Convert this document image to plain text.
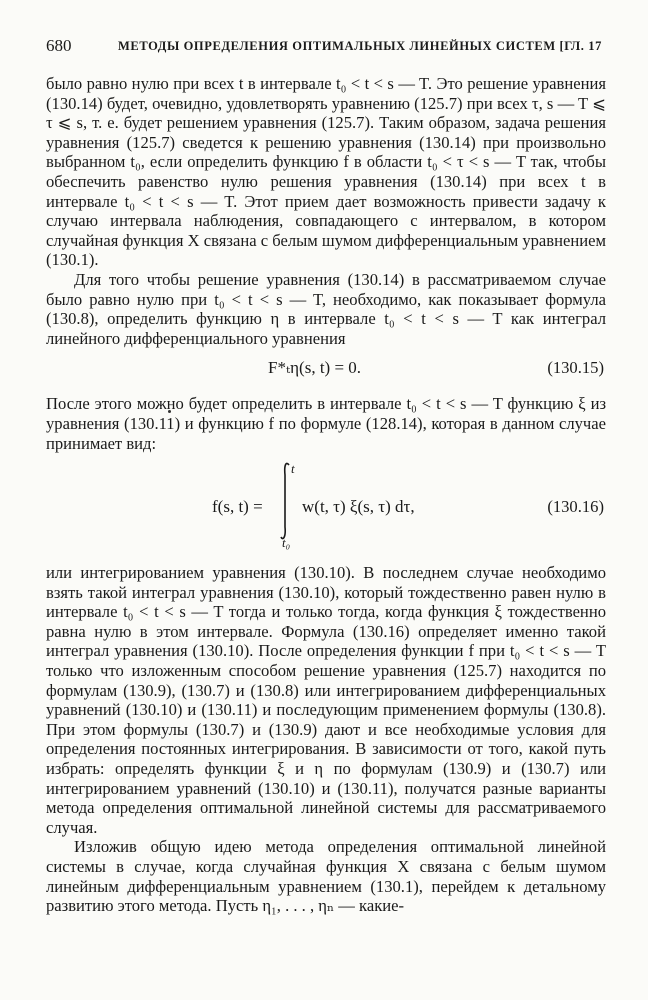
680	МЕТОДЫ ОПРЕДЕЛЕНИЯ ОПТИМАЛЬНЫХ ЛИНЕЙНЫХ СИСТЕМ [ГЛ. 17

было равно нулю при всех t в интервале t₀ < t < s — T. Это решение уравнения (130.14) будет, очевидно, удовлетворять уравнению (125.7) при всех τ, s — T ⩽ τ ⩽ s, т. е. будет решением уравнения (125.7). Таким образом, задача решения уравнения (125.7) сведется к решению уравнения (130.14) при произвольно выбранном t₀, если определить функцию f в области t₀ < τ < s — T так, чтобы обеспечить равенство нулю решения уравнения (130.14) при всех t в интервале t₀ < t < s — T. Этот прием дает возможность привести задачу к случаю интервала наблюдения, совпадающего с интервалом, в котором случайная функция X связана с белым шумом дифференциальным уравнением (130.1).

Для того чтобы решение уравнения (130.14) в рассматриваемом случае было равно нулю при t₀ < t < s — T, необходимо, как показывает формула (130.8), определить функцию η в интервале t₀ < t < s — T как интеграл линейного дифференциального уравнения

F*ₜη(s, t) = 0.	(130.15)

После этого можно будет определить в интервале t₀ < t < s — T функцию ξ из уравнения (130.11) и функцию f по формуле (128.14), которая в данном случае принимает вид:

f(s, t) =
t
t₀
w(t, τ) ξ(s, τ) dτ,	(130.16)

или интегрированием уравнения (130.10). В последнем случае необходимо взять такой интеграл уравнения (130.10), который тождественно равен нулю в интервале t₀ < t < s — T тогда и только тогда, когда функция ξ тождественно равна нулю в этом интервале. Формула (130.16) определяет именно такой интеграл уравнения (130.10). После определения функции f при t₀ < t < s — T только что изложенным способом решение уравнения (125.7) находится по формулам (130.9), (130.7) и (130.8) или интегрированием дифференциальных уравнений (130.10) и (130.11) и последующим применением формулы (130.8). При этом формулы (130.7) и (130.9) дают и все необходимые условия для определения постоянных интегрирования. В зависимости от того, какой путь избрать: определять функции ξ и η по формулам (130.9) и (130.7) или интегрированием уравнений (130.10) и (130.11), получатся разные варианты метода определения оптимальной линейной системы для рассматриваемого случая.

Изложив общую идею метода определения оптимальной линейной системы в случае, когда случайная функция X связана с белым шумом линейным дифференциальным уравнением (130.1), перейдем к детальному развитию этого метода. Пусть η₁, . . . , ηₙ — какие-
